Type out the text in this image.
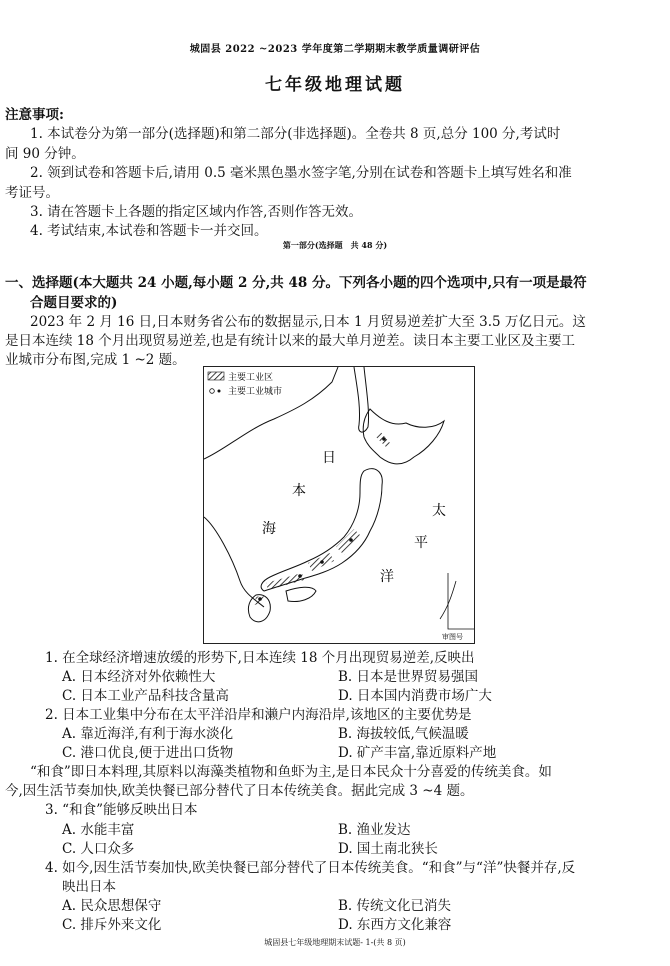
城固县 2022 ~2023 学年度第二学期期末教学质量调研评估
七年级地理试题
注意事项:
1. 本试卷分为第一部分(选择题)和第二部分(非选择题)。全卷共 8 页,总分 100 分,考试时
间 90 分钟。
2. 领到试卷和答题卡后,请用 0.5 毫米黑色墨水签字笔,分别在试卷和答题卡上填写姓名和准
考证号。
3. 请在答题卡上各题的指定区域内作答,否则作答无效。
4. 考试结束,本试卷和答题卡一并交回。
第一部分(选择题　共 48 分)
一、选择题(本大题共 24 小题,每小题 2 分,共 48 分。下列各小题的四个选项中,只有一项是最符
合题目要求的)
2023 年 2 月 16 日,日本财务省公布的数据显示,日本 1 月贸易逆差扩大至 3.5 万亿日元。这
是日本连续 18 个月出现贸易逆差,也是有统计以来的最大单月逆差。读日本主要工业区及主要工
业城市分布图,完成 1 ~2 题。
主要工业区
主要工业城市
日
本
海
太
平
洋
审图号
1. 在全球经济增速放缓的形势下,日本连续 18 个月出现贸易逆差,反映出
A. 日本经济对外依赖性大	B. 日本是世界贸易强国
C. 日本工业产品科技含量高	D. 日本国内消费市场广大
2. 日本工业集中分布在太平洋沿岸和濑户内海沿岸,该地区的主要优势是
A. 靠近海洋,有利于海水淡化	B. 海拔较低,气候温暖
C. 港口优良,便于进出口货物	D. 矿产丰富,靠近原料产地
“和食”即日本料理,其原料以海藻类植物和鱼虾为主,是日本民众十分喜爱的传统美食。如
今,因生活节奏加快,欧美快餐已部分替代了日本传统美食。据此完成 3 ~4 题。
3. “和食”能够反映出日本
A. 水能丰富	B. 渔业发达
C. 人口众多	D. 国土南北狭长
4. 如今,因生活节奏加快,欧美快餐已部分替代了日本传统美食。“和食”与“洋”快餐并存,反
映出日本
A. 民众思想保守	B. 传统文化已消失
C. 排斥外来文化	D. 东西方文化兼容
城固县七年级地理期末试题- 1-(共 8 页)
